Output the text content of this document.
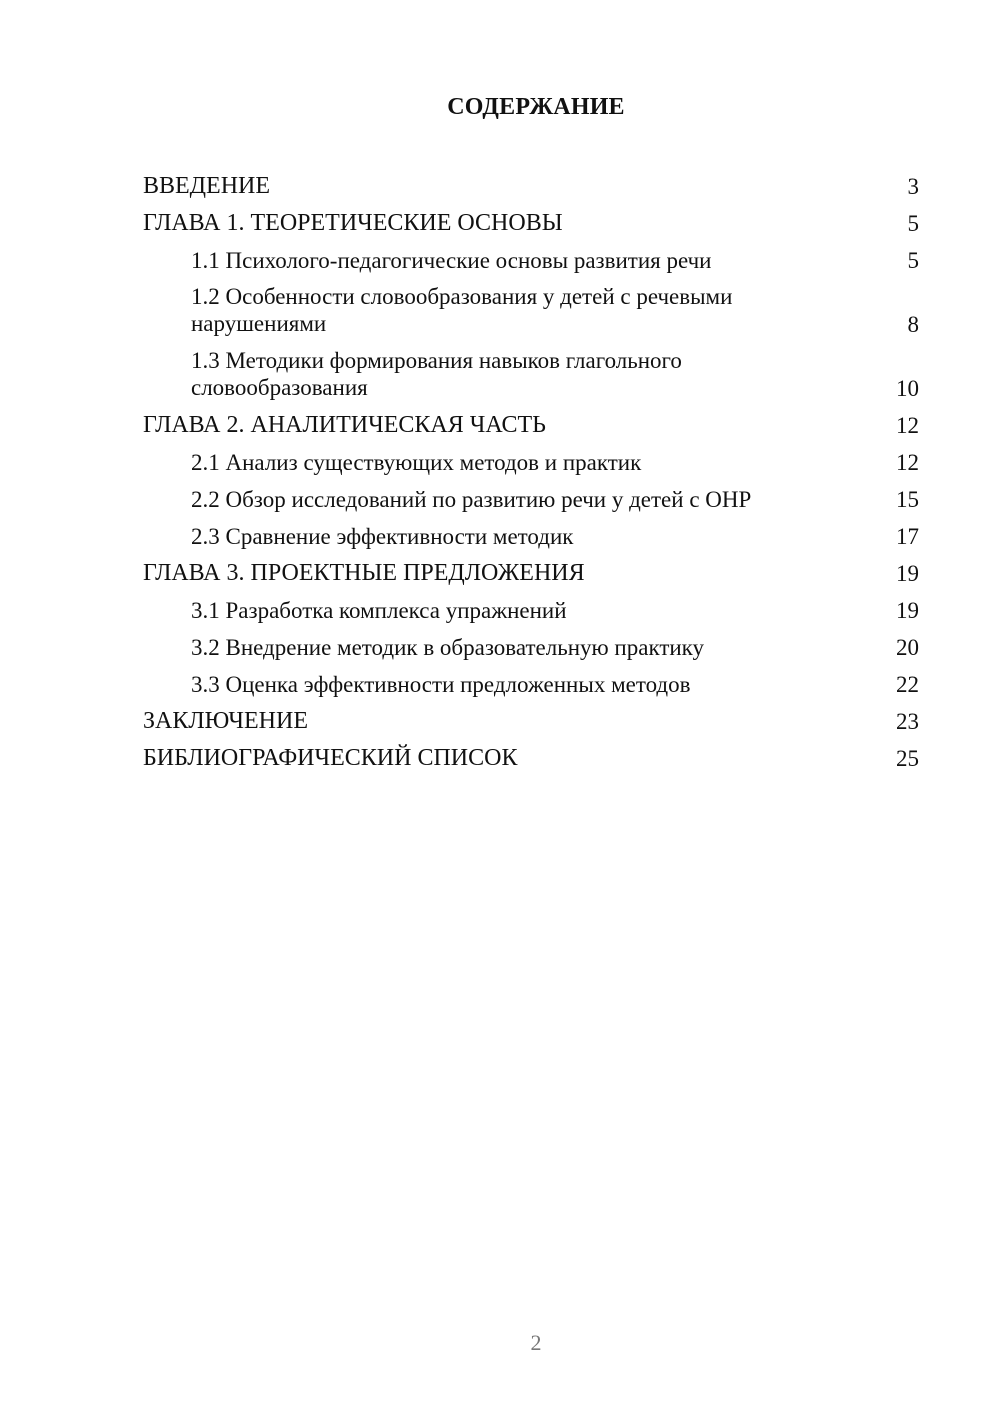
СОДЕРЖАНИЕ
ВВЕДЕНИЕ	3
ГЛАВА 1. ТЕОРЕТИЧЕСКИЕ ОСНОВЫ	5
1.1 Психолого-педагогические основы развития речи	5
1.2 Особенности словообразования у детей с речевыми
нарушениями	8
1.3 Методики формирования навыков глагольного
словообразования	10
ГЛАВА 2. АНАЛИТИЧЕСКАЯ ЧАСТЬ	12
2.1 Анализ существующих методов и практик	12
2.2 Обзор исследований по развитию речи у детей с ОНР	15
2.3 Сравнение эффективности методик	17
ГЛАВА 3. ПРОЕКТНЫЕ ПРЕДЛОЖЕНИЯ	19
3.1 Разработка комплекса упражнений	19
3.2 Внедрение методик в образовательную практику	20
3.3 Оценка эффективности предложенных методов	22
ЗАКЛЮЧЕНИЕ	23
БИБЛИОГРАФИЧЕСКИЙ СПИСОК	25
2
